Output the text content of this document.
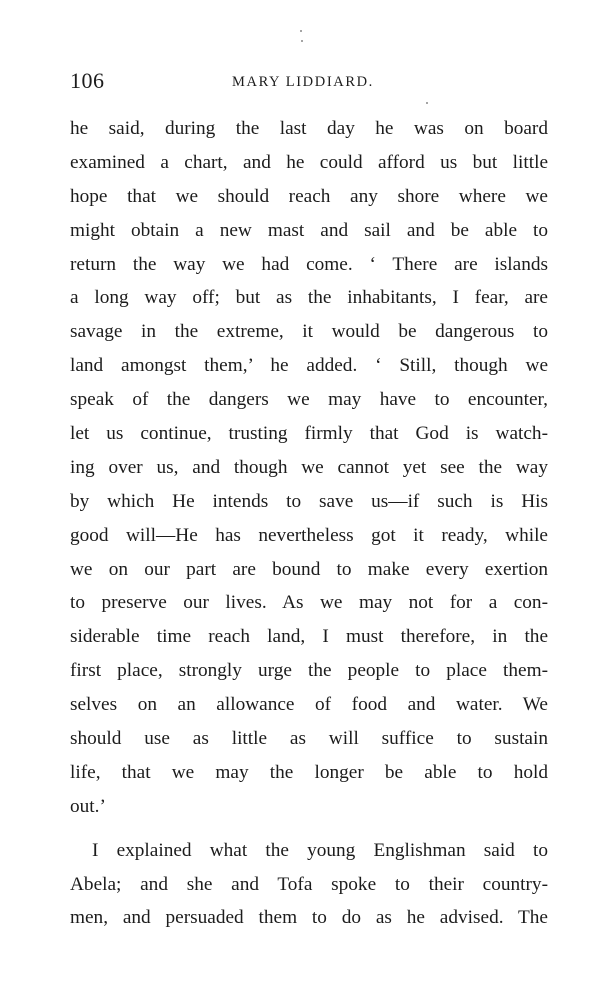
106	MARY LIDDIARD.
he said, during the last day he was on board
examined a chart, and he could afford us but little
hope that we should reach any shore where we
might obtain a new mast and sail and be able to
return the way we had come. ‘ There are islands
a long way off; but as the inhabitants, I fear, are
savage in the extreme, it would be dangerous to
land amongst them,’ he added. ‘ Still, though we
speak of the dangers we may have to encounter,
let us continue, trusting firmly that God is watch-
ing over us, and though we cannot yet see the way
by which He intends to save us—if such is His
good will—He has nevertheless got it ready, while
we on our part are bound to make every exertion
to preserve our lives. As we may not for a con-
siderable time reach land, I must therefore, in the
first place, strongly urge the people to place them-
selves on an allowance of food and water. We
should use as little as will suffice to sustain
life, that we may the longer be able to hold
out.’
I explained what the young Englishman said to
Abela; and she and Tofa spoke to their country-
men, and persuaded them to do as he advised. The
